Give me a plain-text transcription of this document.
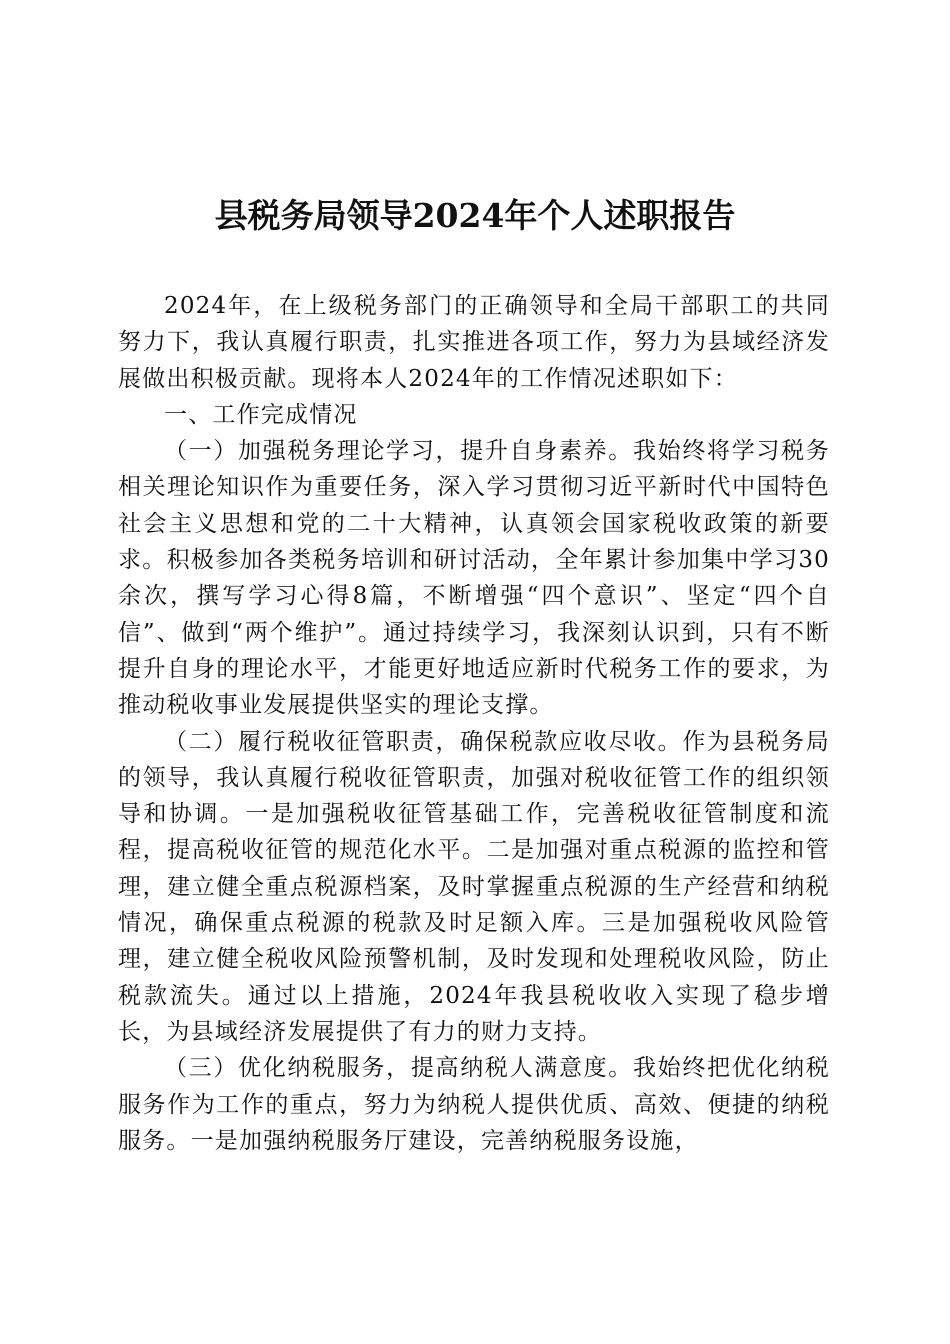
县税务局领导2024年个人述职报告

2024年，在上级税务部门的正确领导和全局干部职工的共同努力下，我认真履行职责，扎实推进各项工作，努力为县域经济发展做出积极贡献。现将本人2024年的工作情况述职如下：

一、工作完成情况

（一）加强税务理论学习，提升自身素养。我始终将学习税务相关理论知识作为重要任务，深入学习贯彻习近平新时代中国特色社会主义思想和党的二十大精神，认真领会国家税收政策的新要求。积极参加各类税务培训和研讨活动，全年累计参加集中学习30余次，撰写学习心得8篇，不断增强“四个意识”、坚定“四个自信”、做到“两个维护”。通过持续学习，我深刻认识到，只有不断提升自身的理论水平，才能更好地适应新时代税务工作的要求，为推动税收事业发展提供坚实的理论支撑。

（二）履行税收征管职责，确保税款应收尽收。作为县税务局的领导，我认真履行税收征管职责，加强对税收征管工作的组织领导和协调。一是加强税收征管基础工作，完善税收征管制度和流程，提高税收征管的规范化水平。二是加强对重点税源的监控和管理，建立健全重点税源档案，及时掌握重点税源的生产经营和纳税情况，确保重点税源的税款及时足额入库。三是加强税收风险管理，建立健全税收风险预警机制，及时发现和处理税收风险，防止税款流失。通过以上措施，2024年我县税收收入实现了稳步增长，为县域经济发展提供了有力的财力支持。

（三）优化纳税服务，提高纳税人满意度。我始终把优化纳税服务作为工作的重点，努力为纳税人提供优质、高效、便捷的纳税服务。一是加强纳税服务厅建设，完善纳税服务设施，
